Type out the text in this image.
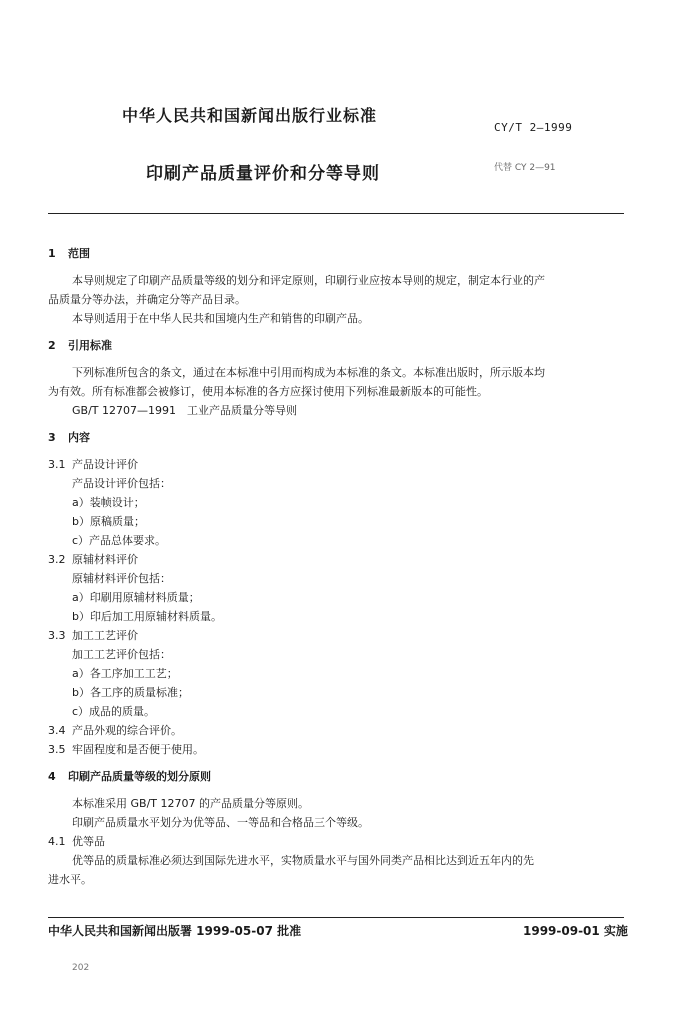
中华人民共和国新闻出版行业标准
CY/T 2—1999
印刷产品质量评价和分等导则	代替 CY 2—91
1 范围
本导则规定了印刷产品质量等级的划分和评定原则，印刷行业应按本导则的规定，制定本行业的产
品质量分等办法，并确定分等产品目录。
本导则适用于在中华人民共和国境内生产和销售的印刷产品。
2 引用标准
下列标准所包含的条文，通过在本标准中引用而构成为本标准的条文。本标准出版时，所示版本均
为有效。所有标准都会被修订，使用本标准的各方应探讨使用下列标准最新版本的可能性。
GB/T 12707—1991　工业产品质量分等导则
3 内容
3.1 产品设计评价
产品设计评价包括：
a）装帧设计；
b）原稿质量；
c）产品总体要求。
3.2 原辅材料评价
原辅材料评价包括：
a）印刷用原辅材料质量；
b）印后加工用原辅材料质量。
3.3 加工工艺评价
加工工艺评价包括：
a）各工序加工工艺；
b）各工序的质量标准；
c）成品的质量。
3.4 产品外观的综合评价。
3.5 牢固程度和是否便于使用。
4 印刷产品质量等级的划分原则
本标准采用 GB/T 12707 的产品质量分等原则。
印刷产品质量水平划分为优等品、一等品和合格品三个等级。
4.1 优等品
优等品的质量标准必须达到国际先进水平，实物质量水平与国外同类产品相比达到近五年内的先
进水平。
中华人民共和国新闻出版署 1999-05-07 批准	1999-09-01 实施
202
